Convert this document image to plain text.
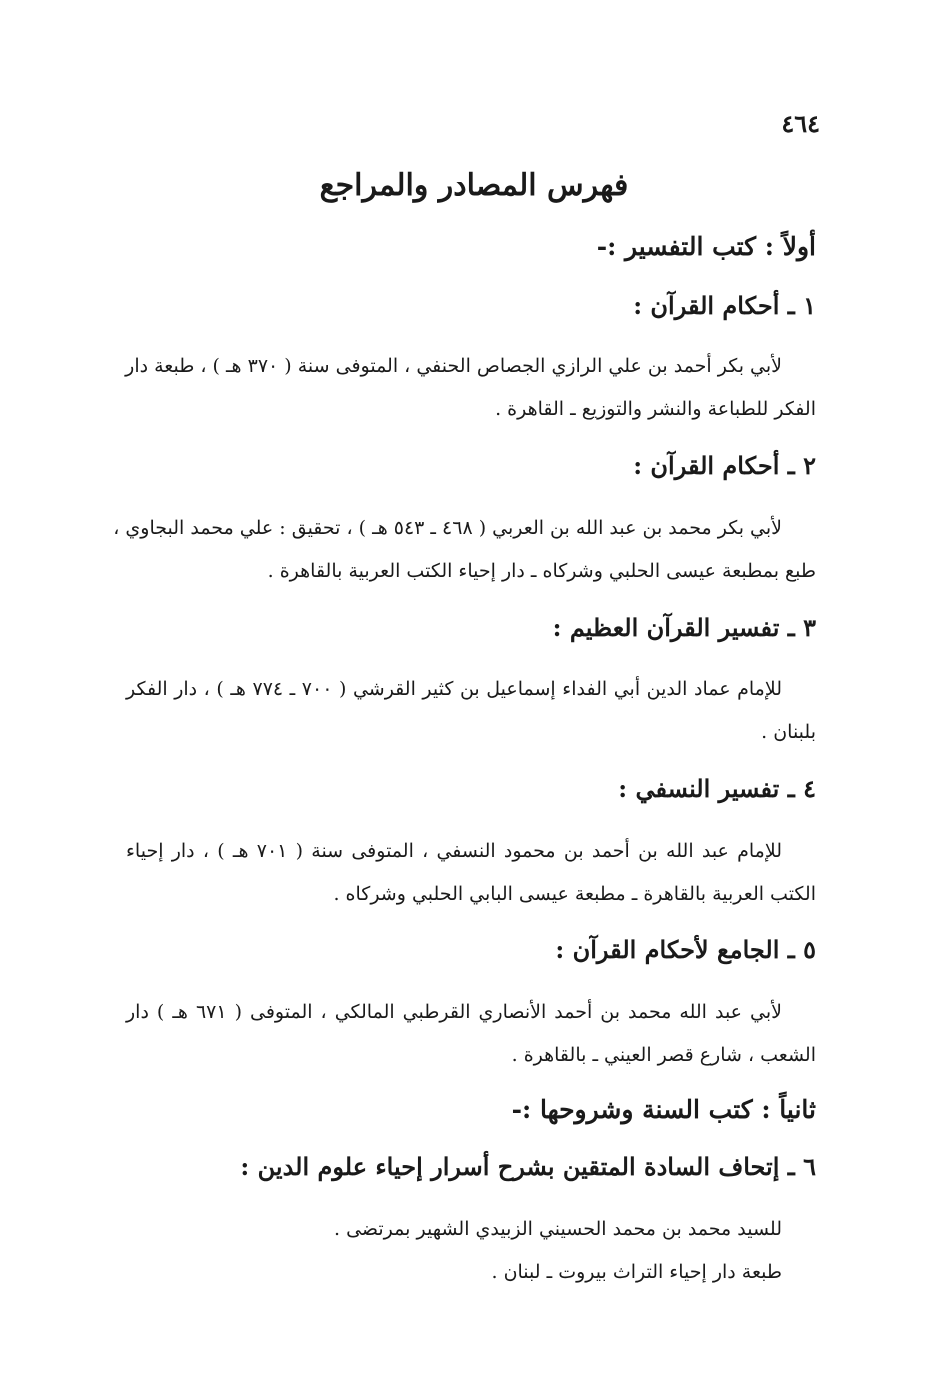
٤٦٤
فهرس المصادر والمراجع
أولاً : كتب التفسير :-
١ ـ أحكام القرآن :
لأبي بكر أحمد بن علي الرازي الجصاص الحنفي ، المتوفى سنة ( ٣٧٠ هـ ) ، طبعة دار
الفكر للطباعة والنشر والتوزيع ـ القاهرة .
٢ ـ أحكام القرآن :
لأبي بكر محمد بن عبد الله بن العربي ( ٤٦٨ ـ ٥٤٣ هـ ) ، تحقيق : علي محمد البجاوي ،
طبع بمطبعة عيسى الحلبي وشركاه ـ دار إحياء الكتب العربية بالقاهرة .
٣ ـ تفسير القرآن العظيم :
للإمام عماد الدين أبي الفداء إسماعيل بن كثير القرشي ( ٧٠٠ ـ ٧٧٤ هـ ) ، دار الفكر
بلبنان .
٤ ـ تفسير النسفي :
للإمام عبد الله بن أحمد بن محمود النسفي ، المتوفى سنة ( ٧٠١ هـ ) ، دار إحياء
الكتب العربية بالقاهرة ـ مطبعة عيسى البابي الحلبي وشركاه .
٥ ـ الجامع لأحكام القرآن :
لأبي عبد الله محمد بن أحمد الأنصاري القرطبي المالكي ، المتوفى ( ٦٧١ هـ ) دار
الشعب ، شارع قصر العيني ـ بالقاهرة .
ثانياً : كتب السنة وشروحها :-
٦ ـ إتحاف السادة المتقين بشرح أسرار إحياء علوم الدين :
للسيد محمد بن محمد الحسيني الزبيدي الشهير بمرتضى .
طبعة دار إحياء التراث بيروت ـ لبنان .
